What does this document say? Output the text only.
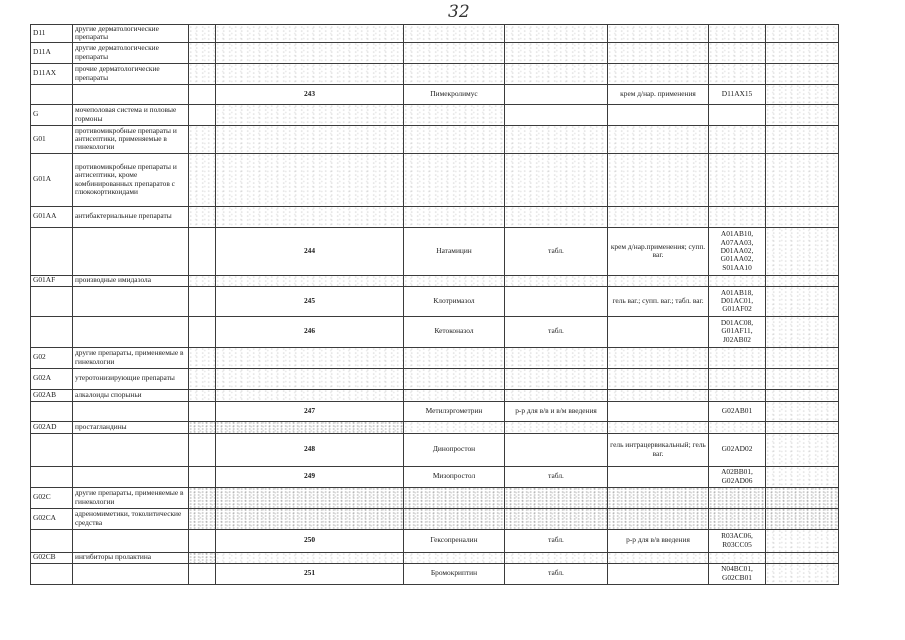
32
D11	другие дерматологические препараты							
D11A	другие дерматологические препараты							
D11AX	прочие дерматологические препараты							
			243	Пимекролимус		крем д/нар. применения	D11AX15	
G	мочеполовая система и половые гормоны							
G01	противомикробные препараты и антисептики, применяемые в гинекологии							
G01A	противомикробные препараты и антисептики, кроме комбинированных препаратов с глюкокортикоидами							
G01AA	антибактериальные препараты							
			244	Натамицин	табл.	крем д/нар.применения; супп. ваг.	A01AB10, A07AA03, D01AA02, G01AA02, S01AA10	
G01AF	производные имидазола							
			245	Клотримазол		гель ваг.; супп. ваг.; табл. ваг.	A01AB18, D01AC01, G01AF02	
			246	Кетоконазол	табл.		D01AC08, G01AF11, J02AB02	
G02	другие препараты, применяемые в гинекологии							
G02A	утеротонизирующие препараты							
G02AB	алкалоиды спорыньи							
			247	Метилэргометрин	р-р для в/в и в/м введения		G02AB01	
G02AD	простагландины							
			248	Динопростон		гель интрацервикальный; гель ваг.	G02AD02	
			249	Мизопростол	табл.		A02BB01, G02AD06	
G02C	другие препараты, применяемые в гинекологии							
G02CA	адреномиметики, токолитические средства							
			250	Гексопреналин	табл.	р-р для в/в введения	R03AC06, R03CC05	
G02CB	ингибиторы пролактина							
			251	Бромокриптин	табл.		N04BC01, G02CB01	
